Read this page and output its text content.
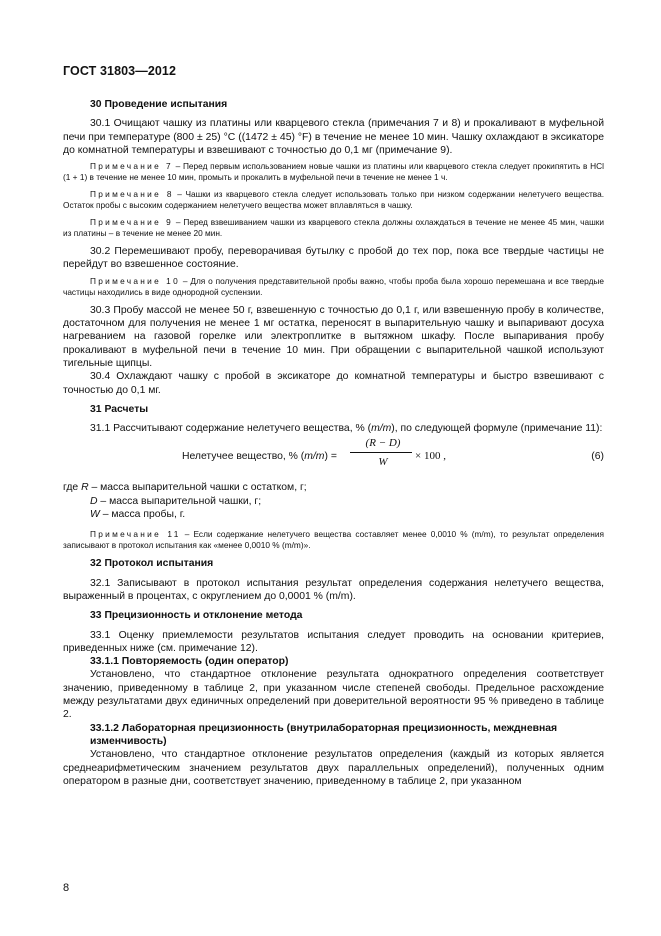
ГОСТ 31803—2012
30 Проведение испытания

30.1 Очищают чашку из платины или кварцевого стекла (примечания 7 и 8) и прокаливают в муфельной печи при температуре (800 ± 25) °С ((1472 ± 45) °F) в течение не менее 10 мин. Чашку охлаждают в эксикаторе до комнатной температуры и взвешивают с точностью до 0,1 мг (примечание 9).

Примечание 7 – Перед первым использованием новые чашки из платины или кварцевого стекла следует прокипятить в HCl (1 + 1) в течение не менее 10 мин, промыть и прокалить в муфельной печи в течение не менее 1 ч.
Примечание 8 – Чашки из кварцевого стекла следует использовать только при низком содержании нелетучего вещества. Остаток пробы с высоким содержанием нелетучего вещества может вплавляться в чашку.
Примечание 9 – Перед взвешиванием чашки из кварцевого стекла должны охлаждаться в течение не менее 45 мин, чашки из платины – в течение не менее 20 мин.

30.2 Перемешивают пробу, переворачивая бутылку с пробой до тех пор, пока все твердые частицы не перейдут во взвешенное состояние.

Примечание 10 – Для о получения представительной пробы важно, чтобы проба была хорошо перемешана и все твердые частицы находились в виде однородной суспензии.

30.3 Пробу массой не менее 50 г, взвешенную с точностью до 0,1 г, или взвешенную пробу в количестве, достаточном для получения не менее 1 мг остатка, переносят в выпарительную чашку и выпаривают досуха нагреванием на газовой горелке или электроплитке в вытяжном шкафу. После выпаривания пробу прокаливают в муфельной печи в течение 10 мин. При обращении с выпарительной чашкой используют тигельные щипцы.

30.4 Охлаждают чашку с пробой в эксикаторе до комнатной температуры и быстро взвешивают с точностью до 0,1 мг.

31 Расчеты

31.1 Рассчитывают содержание нелетучего вещества, % (m/m), по следующей формуле (примечание 11):

Нелетучее вещество, % (m/m) =
(R − D)
W	× 100 ,	(6)
где R – масса выпарительной чашки с остатком, г;
D – масса выпарительной чашки, г;
W – масса пробы, г.
Примечание 11 – Если содержание нелетучего вещества составляет менее 0,0010 % (m/m), то результат определения записывают в протокол испытания как «менее 0,0010 % (m/m)».
32 Протокол испытания

32.1 Записывают в протокол испытания результат определения содержания нелетучего вещества, выраженный в процентах, с округлением до 0,0001 % (m/m).

33 Прецизионность и отклонение метода

33.1 Оценку приемлемости результатов испытания следует проводить на основании критериев, приведенных ниже (см. примечание 12).

33.1.1 Повторяемость (один оператор)

Установлено, что стандартное отклонение результата однократного определения соответствует значению, приведенному в таблице 2, при указанном числе степеней свободы. Предельное расхождение между результатами двух единичных определений при доверительной вероятности 95 % приведено в таблице 2.

33.1.2 Лабораторная прецизионность (внутрилабораторная прецизионность, междневная изменчивость)

Установлено, что стандартное отклонение результатов определения (каждый из которых является среднеарифметическим значением результатов двух параллельных определений), полученных одним оператором в разные дни, соответствует значению, приведенному в таблице 2, при указанном

8
